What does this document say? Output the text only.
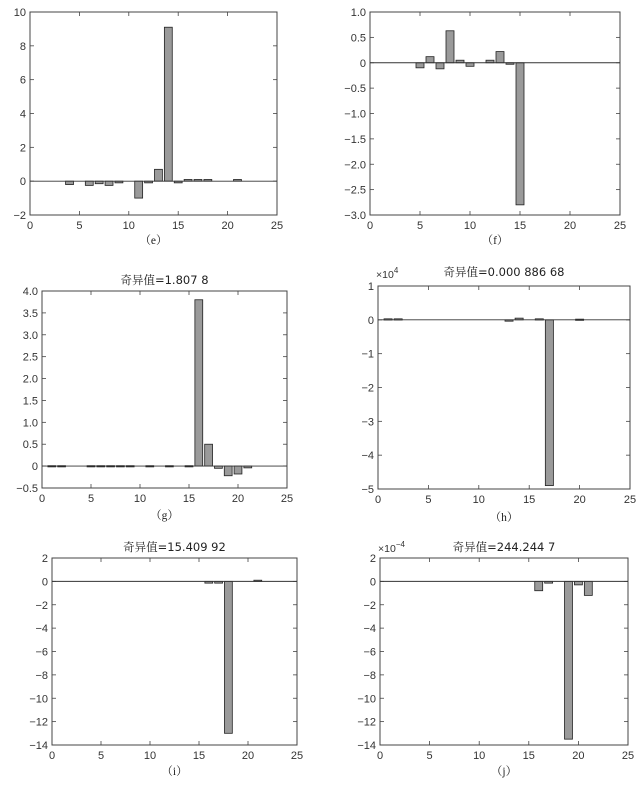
0	5	10	15	20	25
−2
0
2
4
6
8
10
（e）
0	5	10	15	20	25
−3.0
−2.5
−2.0
−1.5
−1.0
−0.5
0
0.5
1.0
（f）
0	5	10	15	20	25
−0.5
0
0.5
1.0
1.5
2.0
2.5
3.0
3.5
4.0
奇异值=1.807 8
（g）
0	5	10	15	20	25
−5
−4
−3
−2
−1
0
1
奇异值=0.000 886 68
$\times 10^4$
（h）
0	5	10	15	20	25
−14
−12
−10
−8
−6
−4
−2
0
2
奇异值=15.409 92
（i）
0	5	10	15	20	25
−14
−12
−10
−8
−6
−4
−2
0
2
奇异值=244.244 7
$\times 10^{-4}$
（j）
